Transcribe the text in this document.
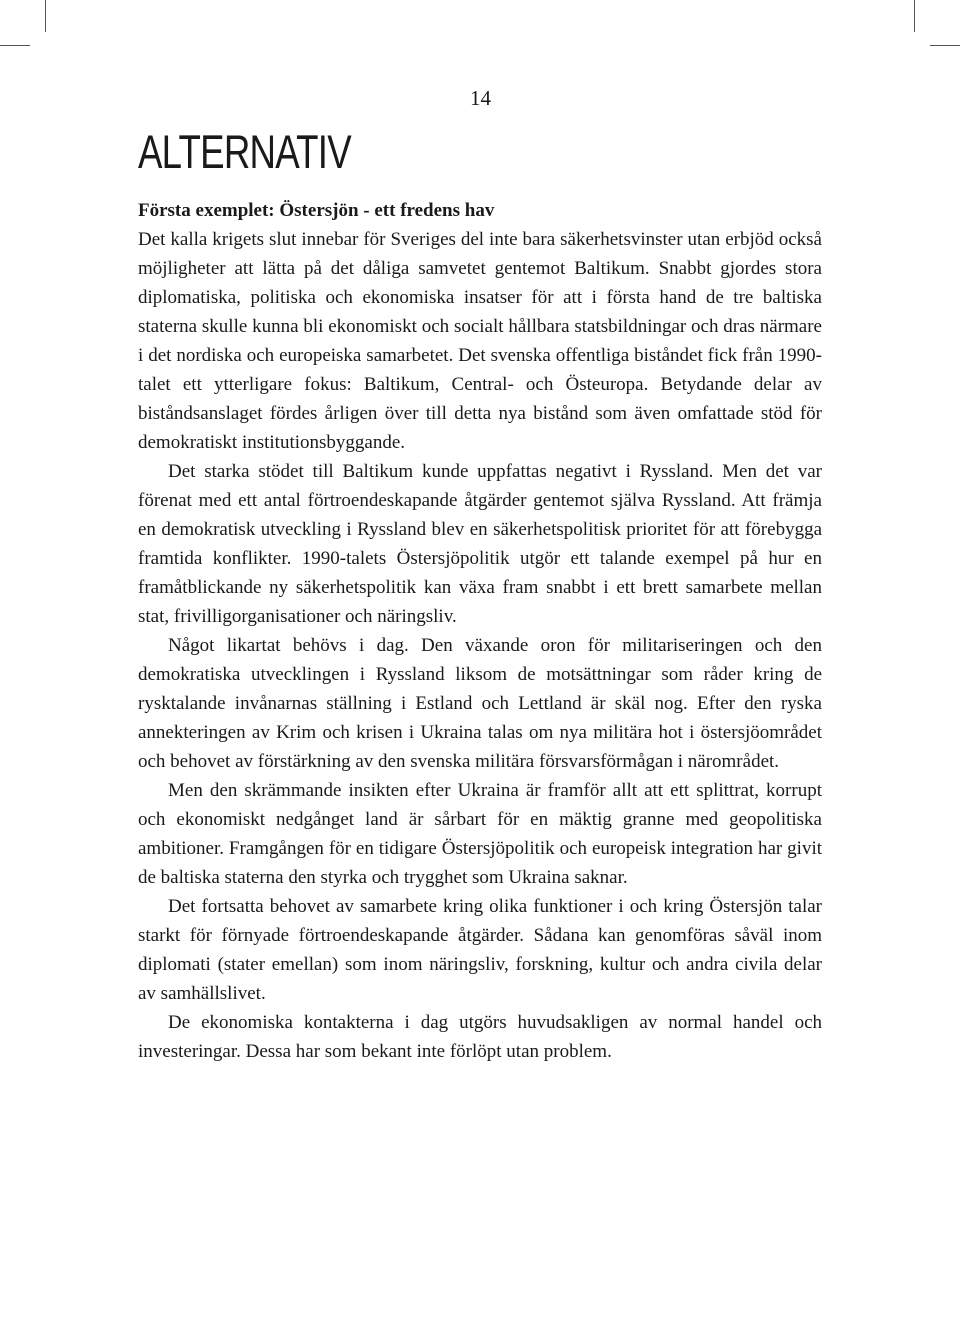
14
ALTERNATIV
Första exemplet: Östersjön - ett fredens hav

Det kalla krigets slut innebar för Sveriges del inte bara säkerhetsvinster utan erbjöd också möjligheter att lätta på det dåliga samvetet gentemot Baltikum. Snabbt gjordes stora diplomatiska, politiska och ekonomiska insatser för att i första hand de tre baltiska staterna skulle kunna bli ekonomiskt och socialt hållbara statsbildningar och dras närmare i det nordiska och europeiska samarbetet. Det svenska offentliga biståndet fick från 1990-talet ett ytterligare fokus: Baltikum, Central- och Östeuropa. Betydande delar av biståndsanslaget fördes årligen över till detta nya bistånd som även omfattade stöd för demokratiskt institutionsbyggande.

Det starka stödet till Baltikum kunde uppfattas negativt i Ryssland. Men det var förenat med ett antal förtroendeskapande åtgärder gentemot själva Ryssland. Att främja en demokratisk utveckling i Ryssland blev en säkerhetspolitisk prioritet för att förebygga framtida konflikter. 1990-talets Östersjöpolitik utgör ett talande exempel på hur en framåtblickande ny säkerhetspolitik kan växa fram snabbt i ett brett samarbete mellan stat, frivilligorganisationer och näringsliv.

Något likartat behövs i dag. Den växande oron för militariseringen och den demokratiska utvecklingen i Ryssland liksom de motsättningar som råder kring de rysktalande invånarnas ställning i Estland och Lettland är skäl nog. Efter den ryska annekteringen av Krim och krisen i Ukraina talas om nya militära hot i östersjöområdet och behovet av förstärkning av den svenska militära försvarsförmågan i närområdet.

Men den skrämmande insikten efter Ukraina är framför allt att ett splittrat, korrupt och ekonomiskt nedgånget land är sårbart för en mäktig granne med geopolitiska ambitioner. Framgången för en tidigare Östersjöpolitik och europeisk integration har givit de baltiska staterna den styrka och trygghet som Ukraina saknar.

Det fortsatta behovet av samarbete kring olika funktioner i och kring Östersjön talar starkt för förnyade förtroendeskapande åtgärder. Sådana kan genomföras såväl inom diplomati (stater emellan) som inom näringsliv, forskning, kultur och andra civila delar av samhällslivet.

De ekonomiska kontakterna i dag utgörs huvudsakligen av normal handel och investeringar. Dessa har som bekant inte förlöpt utan problem.
